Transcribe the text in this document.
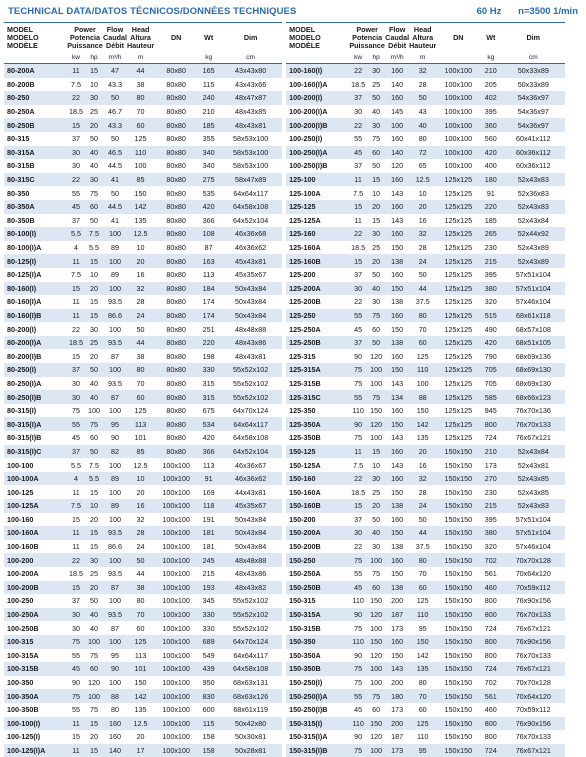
TECHNICAL DATA/DATOS TÉCNICOS/DONNÉES TECHNIQUES	60 Hz n=3500 1/min
MODEL
MODELO
MODÈLE	Power
Potencia
Puissance		Flow
Caudal
Débit	Head
Altura
Hauteur	DN	Wt	Dim
	kw	hp	m³/h	m		kg	cm
80-200A	11	15	47	44	80x80	165	43x43x80
80-200B	7.5	10	43.3	38	80x80	115	43x43x66
80-250	22	30	50	80	80x80	240	48x47x87
80-250A	18.5	25	46.7	70	80x80	210	48x43x85
80-250B	15	20	43.3	60	80x80	185	48x43x81
80-315	37	50	50	125	80x80	355	58x53x100
80-315A	30	40	46.5	110	80x80	340	58x53x100
80-315B	30	40	44.5	100	80x80	340	58x53x100
80-315C	22	30	41	85	80x80	275	58x47x89
80-350	55	75	50	150	80x80	535	64x64x117
80-350A	45	60	44.5	142	80x80	420	64x58x108
80-350B	37	50	41	135	80x80	366	64x52x104
80-100(I)	5.5	7.5	100	12.5	80x80	108	46x36x68
80-100(I)A	4	5.5	89	10	80x80	87	46x36x62
80-125(I)	11	15	100	20	80x80	163	45x43x81
80-125(I)A	7.5	10	89	16	80x80	113	45x35x67
80-160(I)	15	20	100	32	80x80	184	50x43x84
80-160(I)A	11	15	93.5	28	80x80	174	50x43x84
80-160(I)B	11	15	86.6	24	80x80	174	50x43x84
80-200(I)	22	30	100	50	80x80	251	48x48x88
80-200(I)A	18.5	25	93.5	44	80x80	220	48x43x86
80-200(I)B	15	20	87	38	80x80	198	48x43x81
80-250(I)	37	50	100	80	80x80	330	55x52x102
80-250(I)A	30	40	93.5	70	80x80	315	55x52x102
80-250(I)B	30	40	87	60	80x80	315	55x52x102
80-315(I)	75	100	100	125	80x80	675	64x70x124
80-315(I)A	55	75	95	113	80x80	534	64x64x117
80-315(I)B	45	60	90	101	80x80	420	64x58x108
80-315(I)C	37	50	82	85	80x80	366	64x52x104
100-100	5.5	7.5	100	12.5	100x100	113	46x36x67
100-100A	4	5.5	89	10	100x100	91	46x36x62
100-125	11	15	100	20	100x100	169	44x43x81
100-125A	7.5	10	89	16	100x100	118	45x35x67
100-160	15	20	100	32	100x100	191	50x43x84
100-160A	11	15	93.5	28	100x100	181	50x43x84
100-160B	11	15	86.6	24	100x100	181	50x43x84
100-200	22	30	100	50	100x100	245	48x48x88
100-200A	18.5	25	93.5	44	100x100	215	48x43x86
100-200B	15	20	87	38	100x100	193	48x43x82
100-250	37	50	100	80	100x100	345	55x52x102
100-250A	30	40	93.5	70	100x100	330	55x52x102
100-250B	30	40	87	60	100x100	330	55x52x102
100-315	75	100	100	125	100x100	689	64x70x124
100-315A	55	75	95	113	100x100	549	64x64x117
100-315B	45	60	90	101	100x100	439	64x58x108
100-350	90	120	100	150	100x100	950	68x63x131
100-350A	75	100	88	142	100x100	830	68x63x126
100-350B	55	75	80	135	100x100	600	68x61x119
100-100(I)	11	15	160	12.5	100x100	115	50x42x80
100-125(I)	15	20	160	20	100x100	158	50x30x81
100-125(I)A	11	15	140	17	100x100	158	50x28x81
MODEL
MODELO
MODÈLE	Power
Potencia
Puissance		Flow
Caudal
Débit	Head
Altura
Hauteur	DN	Wt	Dim
	kw	hp	m³/h	m		kg	cm
100-160(I)	22	30	160	32	100x100	210	50x33x89
100-160(I)A	18.5	25	140	28	100x100	205	50x33x89
100-200(I)	37	50	160	50	100x100	402	54x36x97
100-200(I)A	30	40	145	43	100x100	395	54x36x97
100-200(I)B	22	30	100	40	100x100	360	54x36x97
100-250(I)	55	75	160	80	100x100	560	60x41x112
100-250(I)A	45	60	140	72	100x100	420	60x36x112
100-250(I)B	37	50	120	65	100x100	400	60x36x112
125-100	11	15	160	12.5	125x125	180	52x43x83
125-100A	7.5	10	143	10	125x125	91	52x36x83
125-125	15	20	160	20	125x125	220	52x43x83
125-125A	11	15	143	16	125x125	185	52x43x84
125-160	22	30	160	32	125x125	265	52x44x92
125-160A	18.5	25	150	28	125x125	230	52x43x89
125-160B	15	20	138	24	125x125	215	52x43x89
125-200	37	50	160	50	125x125	395	57x51x104
125-200A	30	40	150	44	125x125	380	57x51x104
125-200B	22	30	138	37.5	125x125	320	57x46x104
125-250	55	75	160	80	125x125	515	68x61x118
125-250A	45	60	150	70	125x125	490	68x57x108
125-250B	37	50	138	60	125x125	420	68x51x105
125-315	90	120	160	125	125x125	790	68x69x136
125-315A	75	100	150	110	125x125	705	68x69x130
125-315B	75	100	143	100	125x125	705	68x69x130
125-315C	55	75	134	88	125x125	585	68x66x123
125-350	110	150	160	150	125x125	945	76x70x136
125-350A	90	120	150	142	125x125	800	76x70x133
125-350B	75	100	143	135	125x125	724	76x67x121
150-125	11	15	160	20	150x150	210	52x43x84
150-125A	7.5	10	143	16	150x150	173	52x43x81
150-160	22	30	160	32	150x150	270	52x43x85
150-160A	18.5	25	150	28	150x150	230	52x43x85
150-160B	15	20	138	24	150x150	215	52x43x83
150-200	37	50	160	50	150x150	395	57x51x104
150-200A	30	40	150	44	150x150	380	57x51x104
150-200B	22	30	138	37.5	150x150	320	57x46x104
150-250	75	100	160	80	150x150	702	70x70x128
150-250A	55	75	150	70	150x150	561	70x64x120
150-250B	45	60	138	60	150x150	460	70x59x112
150-315	110	150	200	125	150x150	800	76x90x156
150-315A	90	120	187	110	150x150	800	76x70x133
150-315B	75	100	173	95	150x150	724	76x67x121
150-350	110	150	160	150	150x150	800	76x90x156
150-350A	90	120	150	142	150x150	800	76x70x133
150-350B	75	100	143	135	150x150	724	76x67x121
150-250(I)	75	100	200	80	150x150	702	70x70x128
150-250(I)A	55	75	180	70	150x150	561	70x64x120
150-250(I)B	45	60	173	60	150x150	460	70x59x112
150-315(I)	110	150	200	125	150x150	800	76x90x156
150-315(I)A	90	120	187	110	150x150	800	76x70x133
150-315(I)B	75	100	173	95	150x150	724	76x67x121
